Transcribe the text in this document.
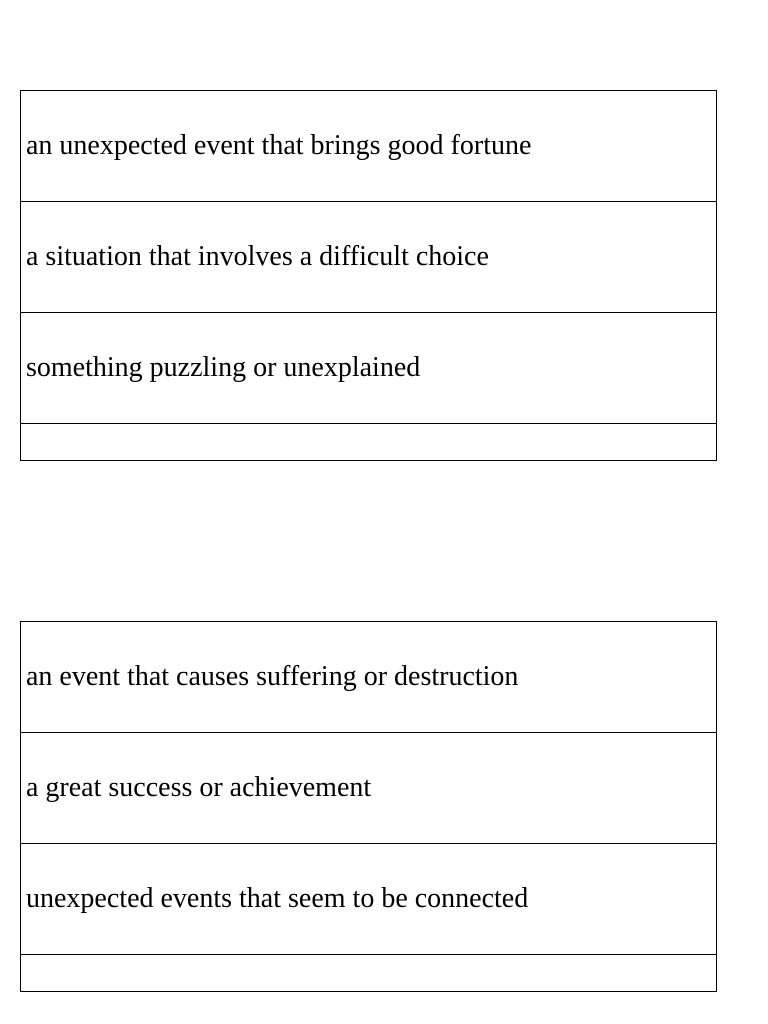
an unexpected event that brings good fortune
a situation that involves a difficult choice
something puzzling or unexplained

an event that causes suffering or destruction
a great success or achievement
unexpected events that seem to be connected
